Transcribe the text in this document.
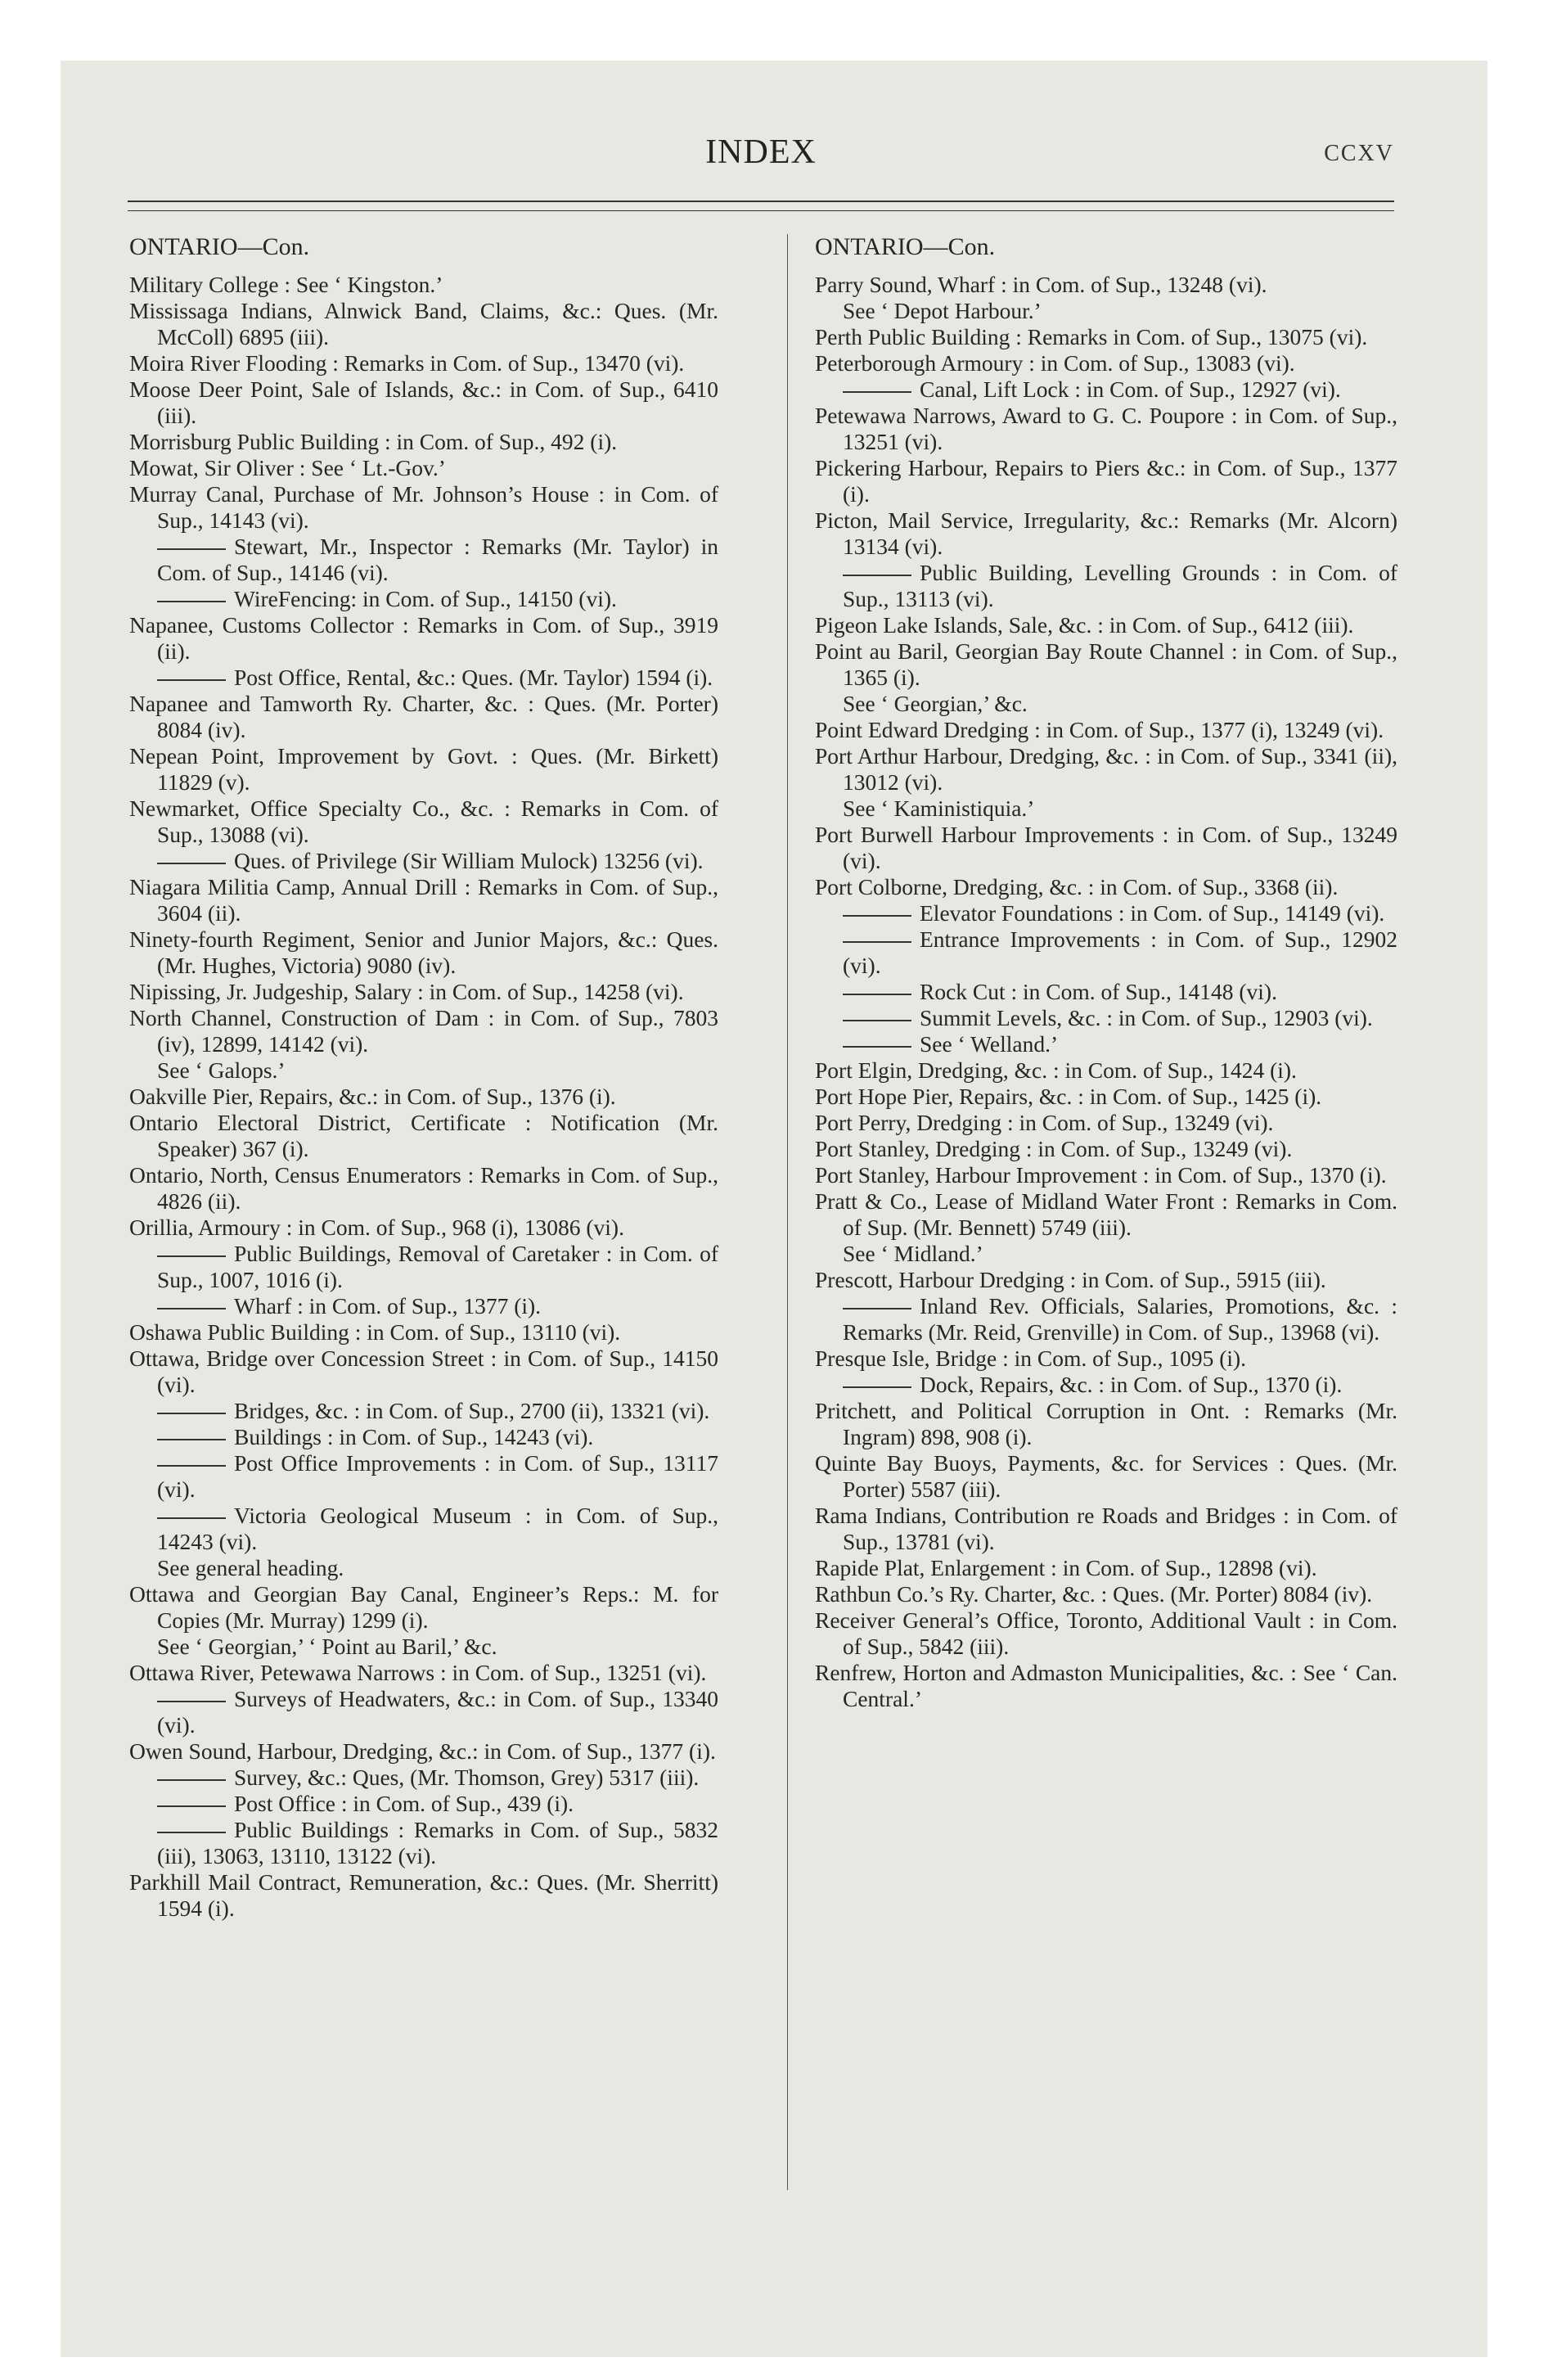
INDEX	CCXV
ONTARIO—Con.
Military College : See ‘ Kingston.’
Mississaga Indians, Alnwick Band, Claims, &c.: Ques. (Mr. McColl) 6895 (iii).
Moira River Flooding : Remarks in Com. of Sup., 13470 (vi).
Moose Deer Point, Sale of Islands, &c.: in Com. of Sup., 6410 (iii).
Morrisburg Public Building : in Com. of Sup., 492 (i).
Mowat, Sir Oliver : See ‘ Lt.-Gov.’
Murray Canal, Purchase of Mr. Johnson’s House : in Com. of Sup., 14143 (vi).
Stewart, Mr., Inspector : Remarks (Mr. Taylor) in Com. of Sup., 14146 (vi).
WireFencing: in Com. of Sup., 14150 (vi).
Napanee, Customs Collector : Remarks in Com. of Sup., 3919 (ii).
Post Office, Rental, &c.: Ques. (Mr. Taylor) 1594 (i).
Napanee and Tamworth Ry. Charter, &c. : Ques. (Mr. Porter) 8084 (iv).
Nepean Point, Improvement by Govt. : Ques. (Mr. Birkett) 11829 (v).
Newmarket, Office Specialty Co., &c. : Remarks in Com. of Sup., 13088 (vi).
Ques. of Privilege (Sir William Mulock) 13256 (vi).
Niagara Militia Camp, Annual Drill : Remarks in Com. of Sup., 3604 (ii).
Ninety-fourth Regiment, Senior and Junior Majors, &c.: Ques. (Mr. Hughes, Victoria) 9080 (iv).
Nipissing, Jr. Judgeship, Salary : in Com. of Sup., 14258 (vi).
North Channel, Construction of Dam : in Com. of Sup., 7803 (iv), 12899, 14142 (vi).
See ‘ Galops.’
Oakville Pier, Repairs, &c.: in Com. of Sup., 1376 (i).
Ontario Electoral District, Certificate : Notification (Mr. Speaker) 367 (i).
Ontario, North, Census Enumerators : Remarks in Com. of Sup., 4826 (ii).
Orillia, Armoury : in Com. of Sup., 968 (i), 13086 (vi).
Public Buildings, Removal of Caretaker : in Com. of Sup., 1007, 1016 (i).
Wharf : in Com. of Sup., 1377 (i).
Oshawa Public Building : in Com. of Sup., 13110 (vi).
Ottawa, Bridge over Concession Street : in Com. of Sup., 14150 (vi).
Bridges, &c. : in Com. of Sup., 2700 (ii), 13321 (vi).
Buildings : in Com. of Sup., 14243 (vi).
Post Office Improvements : in Com. of Sup., 13117 (vi).
Victoria Geological Museum : in Com. of Sup., 14243 (vi).
See general heading.
Ottawa and Georgian Bay Canal, Engineer’s Reps.: M. for Copies (Mr. Murray) 1299 (i).
See ‘ Georgian,’ ‘ Point au Baril,’ &c.
Ottawa River, Petewawa Narrows : in Com. of Sup., 13251 (vi).
Surveys of Headwaters, &c.: in Com. of Sup., 13340 (vi).
Owen Sound, Harbour, Dredging, &c.: in Com. of Sup., 1377 (i).
Survey, &c.: Ques, (Mr. Thomson, Grey) 5317 (iii).
Post Office : in Com. of Sup., 439 (i).
Public Buildings : Remarks in Com. of Sup., 5832 (iii), 13063, 13110, 13122 (vi).
Parkhill Mail Contract, Remuneration, &c.: Ques. (Mr. Sherritt) 1594 (i).
ONTARIO—Con.
Parry Sound, Wharf : in Com. of Sup., 13248 (vi).
See ‘ Depot Harbour.’
Perth Public Building : Remarks in Com. of Sup., 13075 (vi).
Peterborough Armoury : in Com. of Sup., 13083 (vi).
Canal, Lift Lock : in Com. of Sup., 12927 (vi).
Petewawa Narrows, Award to G. C. Poupore : in Com. of Sup., 13251 (vi).
Pickering Harbour, Repairs to Piers &c.: in Com. of Sup., 1377 (i).
Picton, Mail Service, Irregularity, &c.: Remarks (Mr. Alcorn) 13134 (vi).
Public Building, Levelling Grounds : in Com. of Sup., 13113 (vi).
Pigeon Lake Islands, Sale, &c. : in Com. of Sup., 6412 (iii).
Point au Baril, Georgian Bay Route Channel : in Com. of Sup., 1365 (i).
See ‘ Georgian,’ &c.
Point Edward Dredging : in Com. of Sup., 1377 (i), 13249 (vi).
Port Arthur Harbour, Dredging, &c. : in Com. of Sup., 3341 (ii), 13012 (vi).
See ‘ Kaministiquia.’
Port Burwell Harbour Improvements : in Com. of Sup., 13249 (vi).
Port Colborne, Dredging, &c. : in Com. of Sup., 3368 (ii).
Elevator Foundations : in Com. of Sup., 14149 (vi).
Entrance Improvements : in Com. of Sup., 12902 (vi).
Rock Cut : in Com. of Sup., 14148 (vi).
Summit Levels, &c. : in Com. of Sup., 12903 (vi).
See ‘ Welland.’
Port Elgin, Dredging, &c. : in Com. of Sup., 1424 (i).
Port Hope Pier, Repairs, &c. : in Com. of Sup., 1425 (i).
Port Perry, Dredging : in Com. of Sup., 13249 (vi).
Port Stanley, Dredging : in Com. of Sup., 13249 (vi).
Port Stanley, Harbour Improvement : in Com. of Sup., 1370 (i).
Pratt & Co., Lease of Midland Water Front : Remarks in Com. of Sup. (Mr. Bennett) 5749 (iii).
See ‘ Midland.’
Prescott, Harbour Dredging : in Com. of Sup., 5915 (iii).
Inland Rev. Officials, Salaries, Promotions, &c. : Remarks (Mr. Reid, Grenville) in Com. of Sup., 13968 (vi).
Presque Isle, Bridge : in Com. of Sup., 1095 (i).
Dock, Repairs, &c. : in Com. of Sup., 1370 (i).
Pritchett, and Political Corruption in Ont. : Remarks (Mr. Ingram) 898, 908 (i).
Quinte Bay Buoys, Payments, &c. for Services : Ques. (Mr. Porter) 5587 (iii).
Rama Indians, Contribution re Roads and Bridges : in Com. of Sup., 13781 (vi).
Rapide Plat, Enlargement : in Com. of Sup., 12898 (vi).
Rathbun Co.’s Ry. Charter, &c. : Ques. (Mr. Porter) 8084 (iv).
Receiver General’s Office, Toronto, Additional Vault : in Com. of Sup., 5842 (iii).
Renfrew, Horton and Admaston Municipalities, &c. : See ‘ Can. Central.’
